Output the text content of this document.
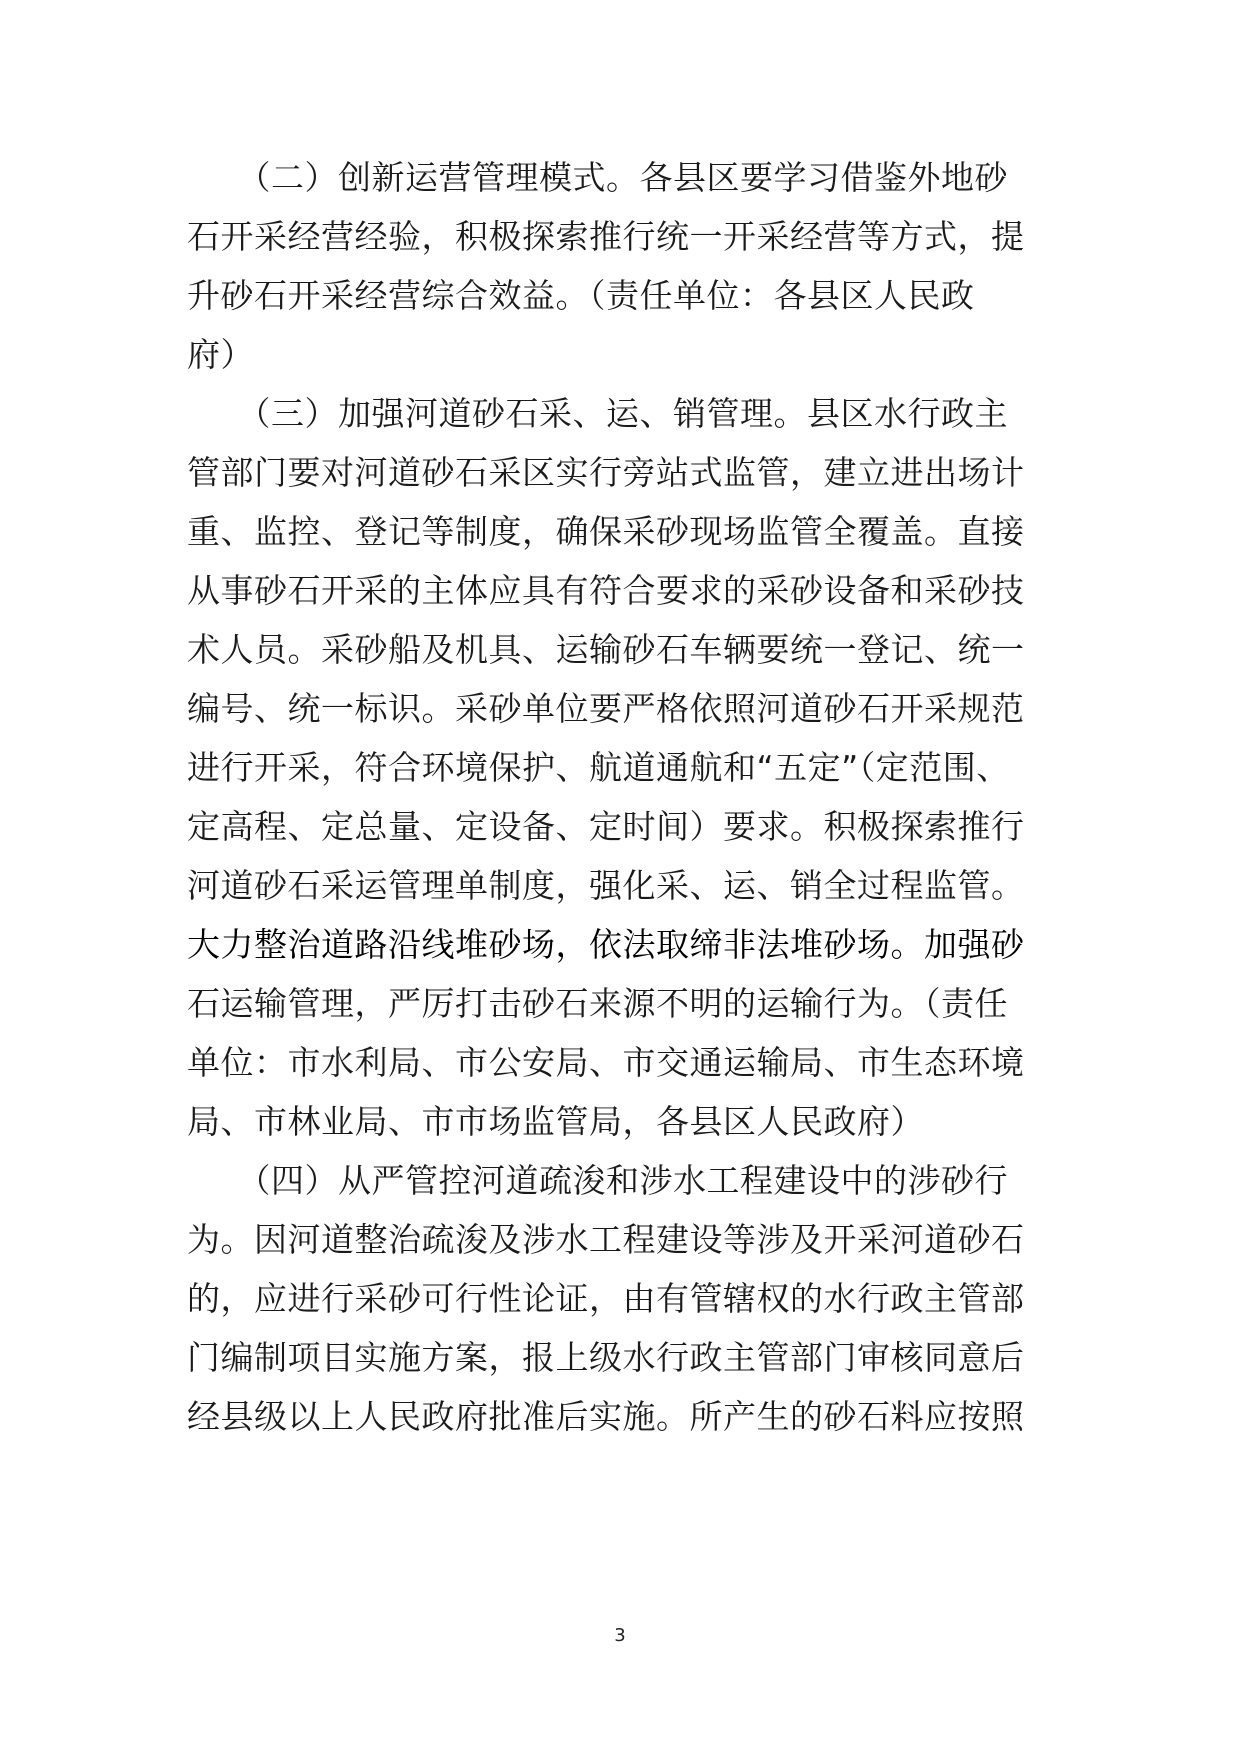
　　（二）创新运营管理模式。各县区要学习借鉴外地砂
石开采经营经验，积极探索推行统一开采经营等方式，提
升砂石开采经营综合效益。（责任单位：各县区人民政
府）
　　（三）加强河道砂石采、运、销管理。县区水行政主
管部门要对河道砂石采区实行旁站式监管，建立进出场计
重、监控、登记等制度，确保采砂现场监管全覆盖。直接
从事砂石开采的主体应具有符合要求的采砂设备和采砂技
术人员。采砂船及机具、运输砂石车辆要统一登记、统一
编号、统一标识。采砂单位要严格依照河道砂石开采规范
进行开采，符合环境保护、航道通航和“五定”（定范围、
定高程、定总量、定设备、定时间）要求。积极探索推行
河道砂石采运管理单制度，强化采、运、销全过程监管。
大力整治道路沿线堆砂场，依法取缔非法堆砂场。加强砂
石运输管理，严厉打击砂石来源不明的运输行为。（责任
单位：市水利局、市公安局、市交通运输局、市生态环境
局、市林业局、市市场监管局，各县区人民政府）
　　（四）从严管控河道疏浚和涉水工程建设中的涉砂行
为。因河道整治疏浚及涉水工程建设等涉及开采河道砂石
的，应进行采砂可行性论证，由有管辖权的水行政主管部
门编制项目实施方案，报上级水行政主管部门审核同意后
经县级以上人民政府批准后实施。所产生的砂石料应按照
3
